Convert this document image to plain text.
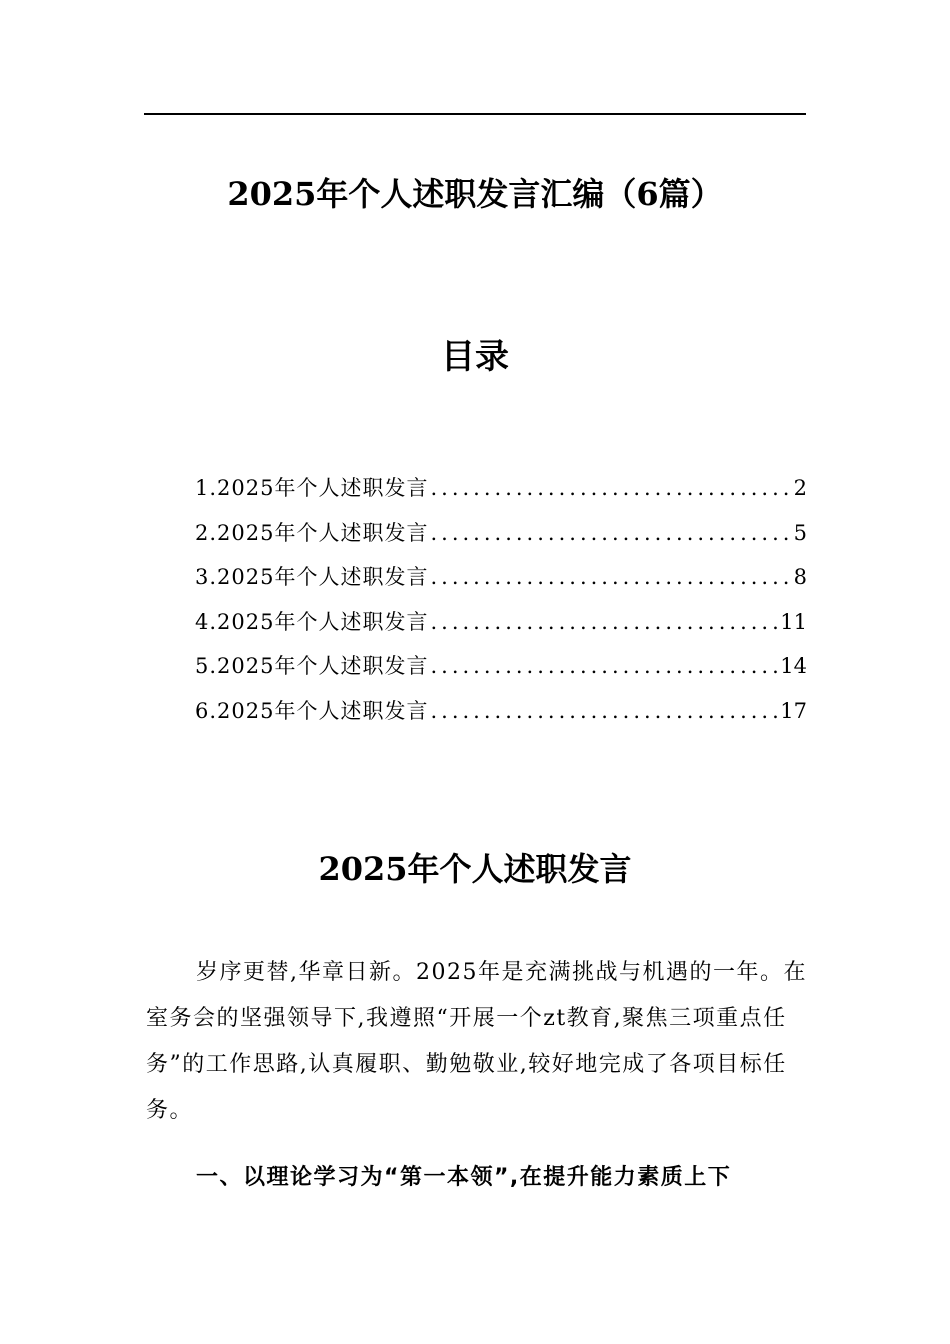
2025年个人述职发言汇编（6篇）
目录
1.2025年个人述职发言 .....	2
2.2025年个人述职发言 .....	5
3.2025年个人述职发言 .....	8
4.2025年个人述职发言 .....	11
5.2025年个人述职发言 .....	14
6.2025年个人述职发言 .....	17
2025年个人述职发言

岁序更替,华章日新。2025年是充满挑战与机遇的一年。在室务会的坚强领导下,我遵照“开展一个zt教育,聚焦三项重点任务”的工作思路,认真履职、勤勉敬业,较好地完成了各项目标任务。

一、以理论学习为“第一本领”,在提升能力素质上下
